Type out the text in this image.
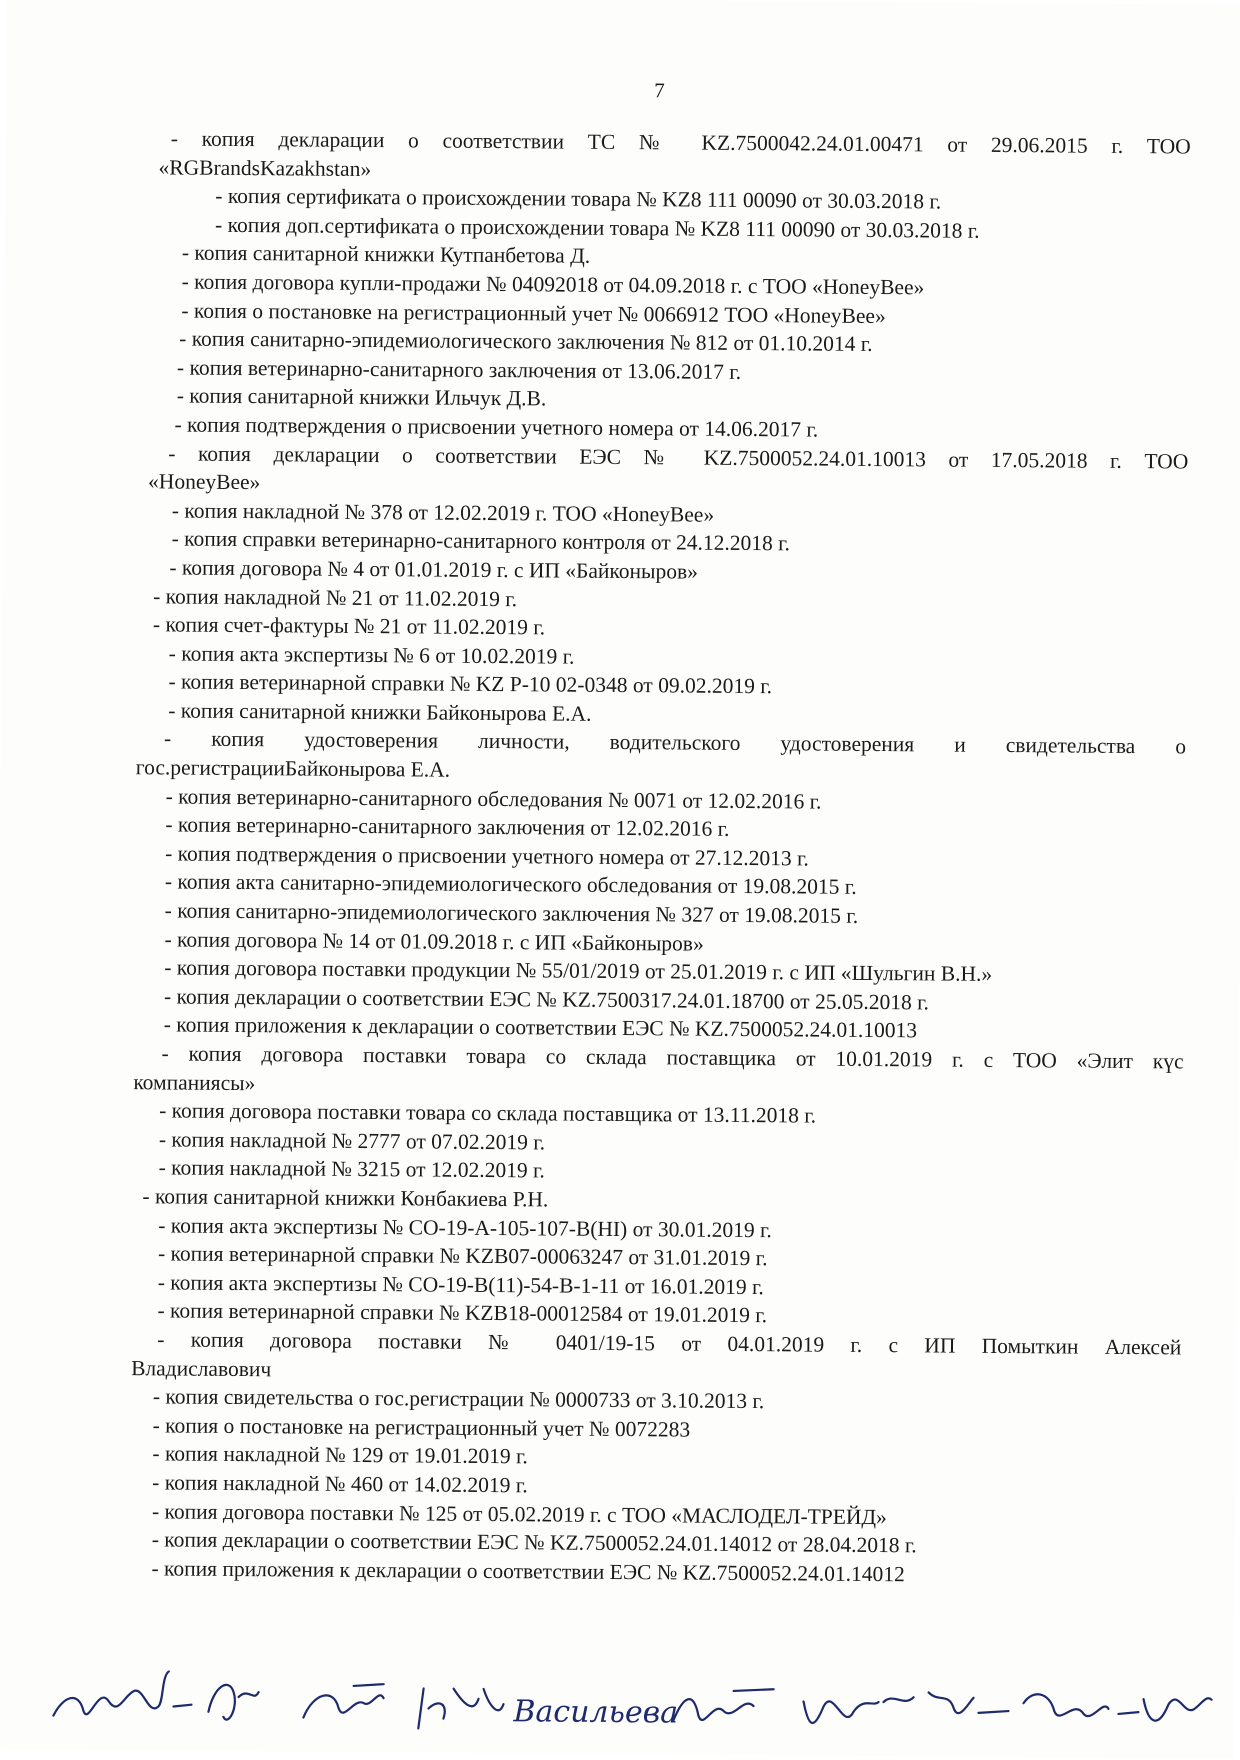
7
- копия декларации о соответствии ТС № KZ.7500042.24.01.00471 от 29.06.2015 г. ТОО
«RGBrandsKazakhstan»
- копия сертификата о происхождении товара № KZ8 111 00090 от 30.03.2018 г.
- копия доп.сертификата о происхождении товара № KZ8 111 00090 от 30.03.2018 г.
- копия санитарной книжки Кутпанбетова Д.
- копия договора купли-продажи № 04092018 от 04.09.2018 г. с ТОО «HoneyBee»
- копия о постановке на регистрационный учет № 0066912 ТОО «HoneyBee»
- копия санитарно-эпидемиологического заключения № 812 от 01.10.2014 г.
- копия ветеринарно-санитарного заключения от 13.06.2017 г.
- копия санитарной книжки Ильчук Д.В.
- копия подтверждения о присвоении учетного номера от 14.06.2017 г.
- копия декларации о соответствии ЕЭС № KZ.7500052.24.01.10013 от 17.05.2018 г. ТОО
«HoneyBee»
- копия накладной № 378 от 12.02.2019 г. ТОО «HoneyBee»
- копия справки ветеринарно-санитарного контроля от 24.12.2018 г.
- копия договора № 4 от 01.01.2019 г. с ИП «Байконыров»
- копия накладной № 21 от 11.02.2019 г.
- копия счет-фактуры № 21 от 11.02.2019 г.
- копия акта экспертизы № 6 от 10.02.2019 г.
- копия ветеринарной справки № KZ Р-10 02-0348 от 09.02.2019 г.
- копия санитарной книжки Байконырова Е.А.
- копия удостоверения личности, водительского удостоверения и свидетельства о
гос.регистрацииБайконырова Е.А.
- копия ветеринарно-санитарного обследования № 0071 от 12.02.2016 г.
- копия ветеринарно-санитарного заключения от 12.02.2016 г.
- копия подтверждения о присвоении учетного номера от 27.12.2013 г.
- копия акта санитарно-эпидемиологического обследования от 19.08.2015 г.
- копия санитарно-эпидемиологического заключения № 327 от 19.08.2015 г.
- копия договора № 14 от 01.09.2018 г. с ИП «Байконыров»
- копия договора поставки продукции № 55/01/2019 от 25.01.2019 г. с ИП «Шульгин В.Н.»
- копия декларации о соответствии ЕЭС № KZ.7500317.24.01.18700 от 25.05.2018 г.
- копия приложения к декларации о соответствии ЕЭС № KZ.7500052.24.01.10013
- копия договора поставки товара со склада поставщика от 10.01.2019 г. с ТОО «Элит күс
компаниясы»
- копия договора поставки товара со склада поставщика от 13.11.2018 г.
- копия накладной № 2777 от 07.02.2019 г.
- копия накладной № 3215 от 12.02.2019 г.
- копия санитарной книжки Конбакиева Р.Н.
- копия акта экспертизы № СО-19-А-105-107-В(НI) от 30.01.2019 г.
- копия ветеринарной справки № KZB07-00063247 от 31.01.2019 г.
- копия акта экспертизы № СО-19-В(11)-54-В-1-11 от 16.01.2019 г.
- копия ветеринарной справки № KZB18-00012584 от 19.01.2019 г.
- копия договора поставки № 0401/19-15 от 04.01.2019 г. с ИП Помыткин Алексей
Владиславович
- копия свидетельства о гос.регистрации № 0000733 от 3.10.2013 г.
- копия о постановке на регистрационный учет № 0072283
- копия накладной № 129 от 19.01.2019 г.
- копия накладной № 460 от 14.02.2019 г.
- копия договора поставки № 125 от 05.02.2019 г. с ТОО «МАСЛОДЕЛ-ТРЕЙД»
- копия декларации о соответствии ЕЭС № KZ.7500052.24.01.14012 от 28.04.2018 г.
- копия приложения к декларации о соответствии ЕЭС № KZ.7500052.24.01.14012
Васильева
